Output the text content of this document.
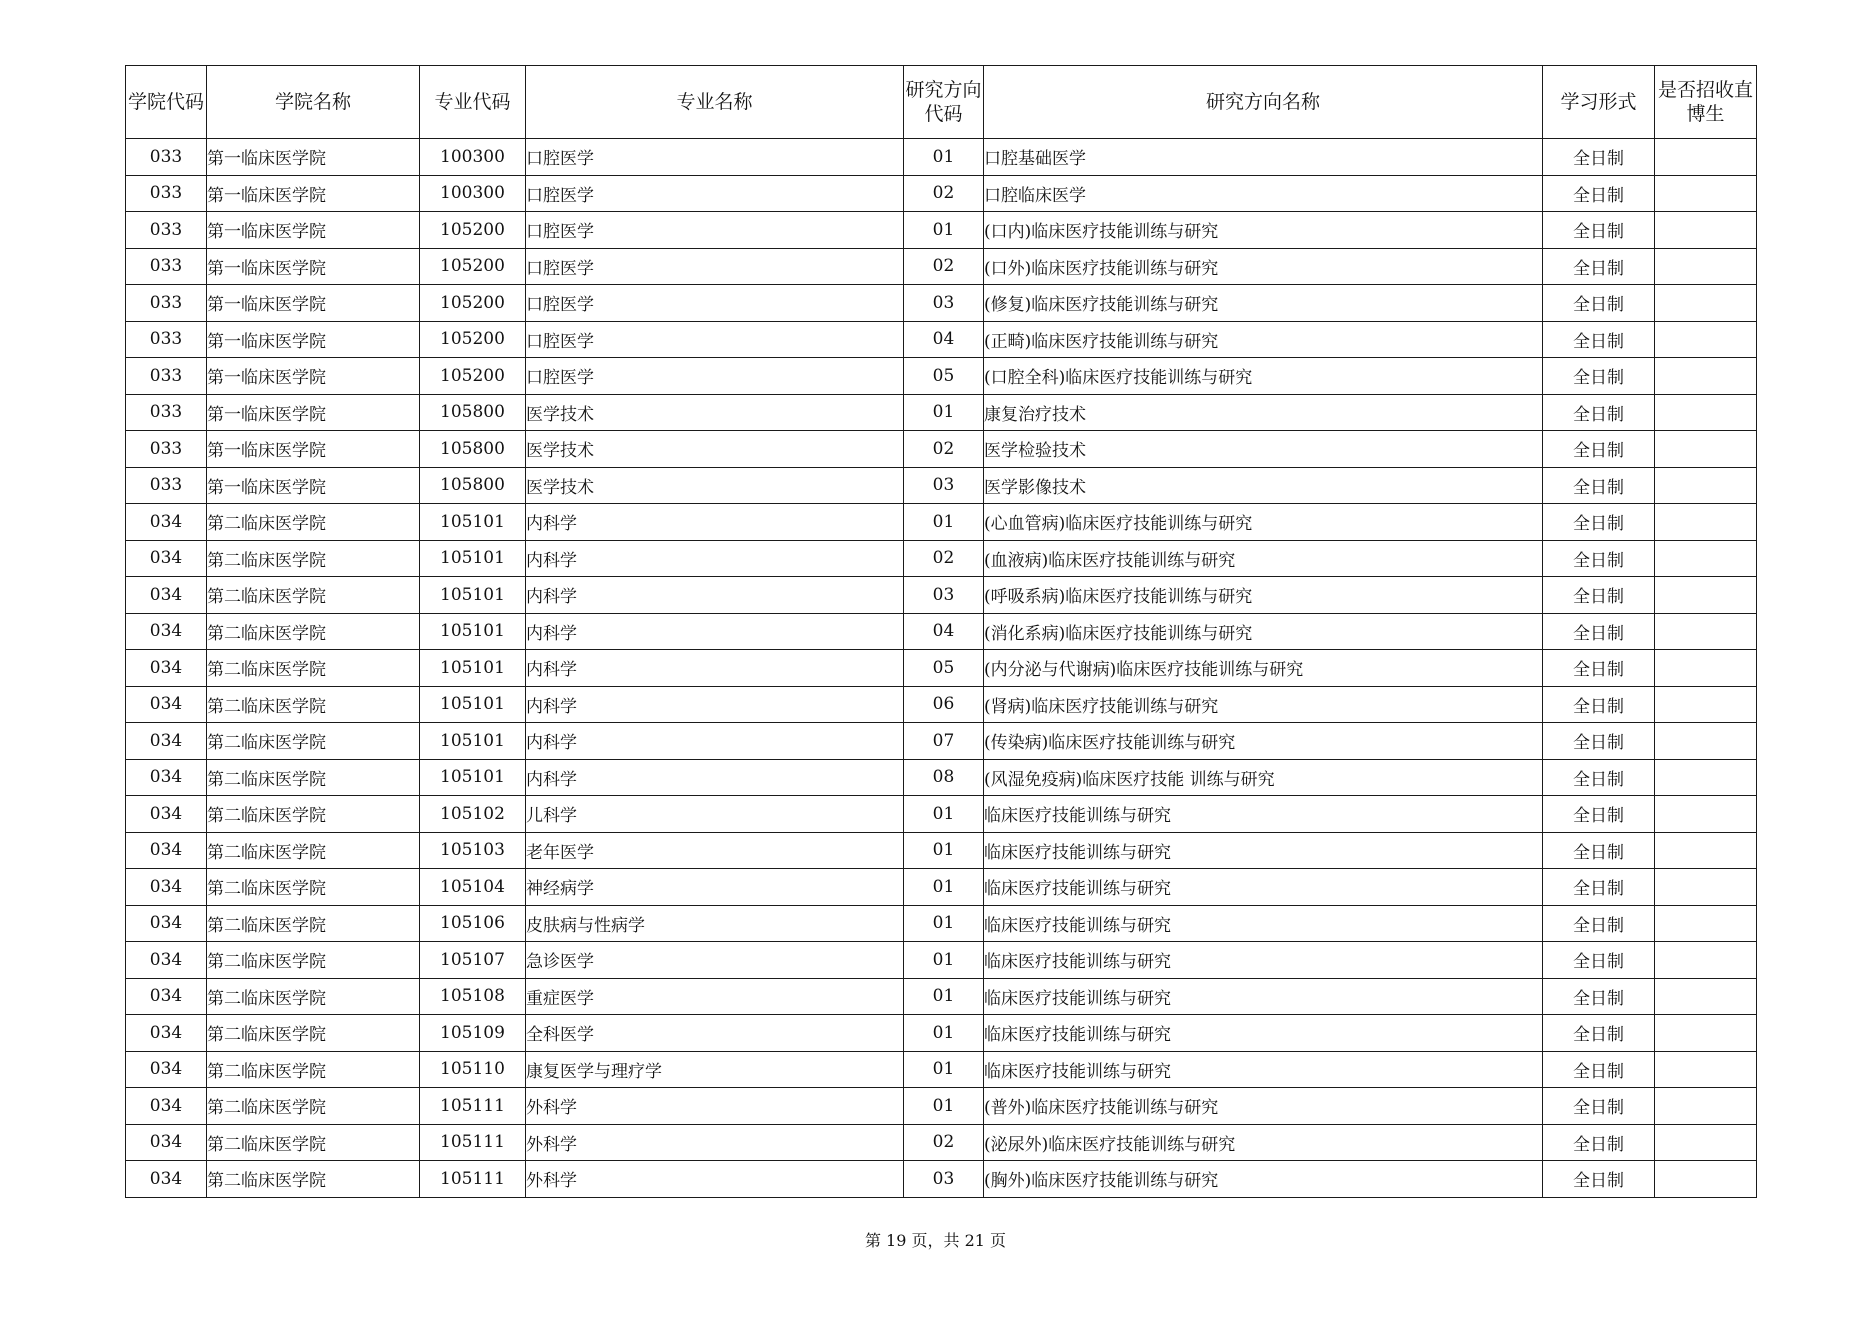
学院代码	学院名称	专业代码	专业名称	研究方向代码	研究方向名称	学习形式	是否招收直博生
033	第一临床医学院	100300	口腔医学	01	口腔基础医学	全日制	
033	第一临床医学院	100300	口腔医学	02	口腔临床医学	全日制	
033	第一临床医学院	105200	口腔医学	01	(口内)临床医疗技能训练与研究	全日制	
033	第一临床医学院	105200	口腔医学	02	(口外)临床医疗技能训练与研究	全日制	
033	第一临床医学院	105200	口腔医学	03	(修复)临床医疗技能训练与研究	全日制	
033	第一临床医学院	105200	口腔医学	04	(正畸)临床医疗技能训练与研究	全日制	
033	第一临床医学院	105200	口腔医学	05	(口腔全科)临床医疗技能训练与研究	全日制	
033	第一临床医学院	105800	医学技术	01	康复治疗技术	全日制	
033	第一临床医学院	105800	医学技术	02	医学检验技术	全日制	
033	第一临床医学院	105800	医学技术	03	医学影像技术	全日制	
034	第二临床医学院	105101	内科学	01	(心血管病)临床医疗技能训练与研究	全日制	
034	第二临床医学院	105101	内科学	02	(血液病)临床医疗技能训练与研究	全日制	
034	第二临床医学院	105101	内科学	03	(呼吸系病)临床医疗技能训练与研究	全日制	
034	第二临床医学院	105101	内科学	04	(消化系病)临床医疗技能训练与研究	全日制	
034	第二临床医学院	105101	内科学	05	(内分泌与代谢病)临床医疗技能训练与研究	全日制	
034	第二临床医学院	105101	内科学	06	(肾病)临床医疗技能训练与研究	全日制	
034	第二临床医学院	105101	内科学	07	(传染病)临床医疗技能训练与研究	全日制	
034	第二临床医学院	105101	内科学	08	(风湿免疫病)临床医疗技能 训练与研究	全日制	
034	第二临床医学院	105102	儿科学	01	临床医疗技能训练与研究	全日制	
034	第二临床医学院	105103	老年医学	01	临床医疗技能训练与研究	全日制	
034	第二临床医学院	105104	神经病学	01	临床医疗技能训练与研究	全日制	
034	第二临床医学院	105106	皮肤病与性病学	01	临床医疗技能训练与研究	全日制	
034	第二临床医学院	105107	急诊医学	01	临床医疗技能训练与研究	全日制	
034	第二临床医学院	105108	重症医学	01	临床医疗技能训练与研究	全日制	
034	第二临床医学院	105109	全科医学	01	临床医疗技能训练与研究	全日制	
034	第二临床医学院	105110	康复医学与理疗学	01	临床医疗技能训练与研究	全日制	
034	第二临床医学院	105111	外科学	01	(普外)临床医疗技能训练与研究	全日制	
034	第二临床医学院	105111	外科学	02	(泌尿外)临床医疗技能训练与研究	全日制	
034	第二临床医学院	105111	外科学	03	(胸外)临床医疗技能训练与研究	全日制	
第 19 页，共 21 页
